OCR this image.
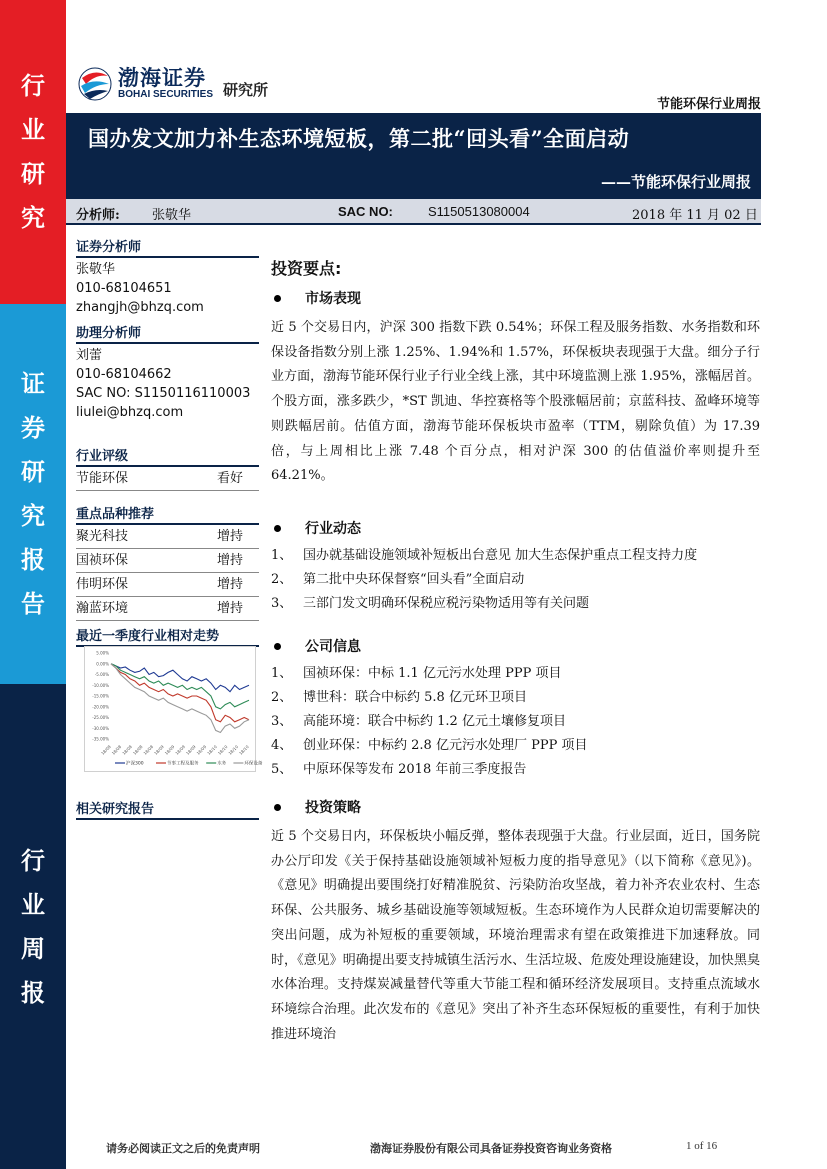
行
业
研
究
证
券
研
究
报
告
行
业
周
报
渤海证券
BOHAI SECURITIES 研究所
节能环保行业周报
国办发文加力补生态环境短板，第二批“回头看”全面启动
——节能环保行业周报
分析师: 张敬华	SAC NO:	S1150513080004	2018 年 11 月 02 日
证券分析师
张敬华
010-68104651
zhangjh@bhzq.com
助理分析师
刘蕾
010-68104662
SAC NO: S1150116110003
liulei@bhzq.com
行业评级
节能环保	看好
重点品种推荐
聚光科技	增持
国祯环保	增持
伟明环保	增持
瀚蓝环境	增持
最近一季度行业相对走势
5.00%
0.00%
-5.00%
-10.00%
-15.00%
-20.00%
-25.00%
-30.00%
-35.00%
18/08
18/08
18/08
18/08
18/08
18/09
18/09
18/09
18/09
18/09
18/10
18/10
18/10
18/10
沪深300	节事工程及服务	水务	环保设备
相关研究报告
投资要点:
市场表现
近 5 个交易日内，沪深 300 指数下跌 0.54%；环保工程及服务指数、水务指数和环保设备指数分别上涨 1.25%、1.94%和 1.57%，环保板块表现强于大盘。细分子行业方面，渤海节能环保行业子行业全线上涨，其中环境监测上涨 1.95%，涨幅居首。个股方面，涨多跌少，*ST 凯迪、华控赛格等个股涨幅居前；京蓝科技、盈峰环境等则跌幅居前。估值方面，渤海节能环保板块市盈率（TTM，剔除负值）为 17.39 倍，与上周相比上涨 7.48 个百分点，相对沪深 300 的估值溢价率则提升至 64.21%。
行业动态
1、 国办就基础设施领域补短板出台意见 加大生态保护重点工程支持力度
2、 第二批中央环保督察“回头看”全面启动
3、 三部门发文明确环保税应税污染物适用等有关问题
公司信息
1、 国祯环保：中标 1.1 亿元污水处理 PPP 项目
2、 博世科：联合中标约 5.8 亿元环卫项目
3、 高能环境：联合中标约 1.2 亿元土壤修复项目
4、 创业环保：中标约 2.8 亿元污水处理厂 PPP 项目
5、 中原环保等发布 2018 年前三季度报告
投资策略
近 5 个交易日内，环保板块小幅反弹，整体表现强于大盘。行业层面，近日，国务院办公厅印发《关于保持基础设施领域补短板力度的指导意见》（以下简称《意见》)。《意见》明确提出要围绕打好精准脱贫、污染防治攻坚战，着力补齐农业农村、生态环保、公共服务、城乡基础设施等领域短板。生态环境作为人民群众迫切需要解决的突出问题，成为补短板的重要领域，环境治理需求有望在政策推进下加速释放。同时，《意见》明确提出要支持城镇生活污水、生活垃圾、危废处理设施建设，加快黑臭水体治理。支持煤炭减量替代等重大节能工程和循环经济发展项目。支持重点流域水环境综合治理。此次发布的《意见》突出了补齐生态环保短板的重要性，有利于加快推进环境治
请务必阅读正文之后的免责声明	渤海证券股份有限公司具备证券投资咨询业务资格	1 of 16
